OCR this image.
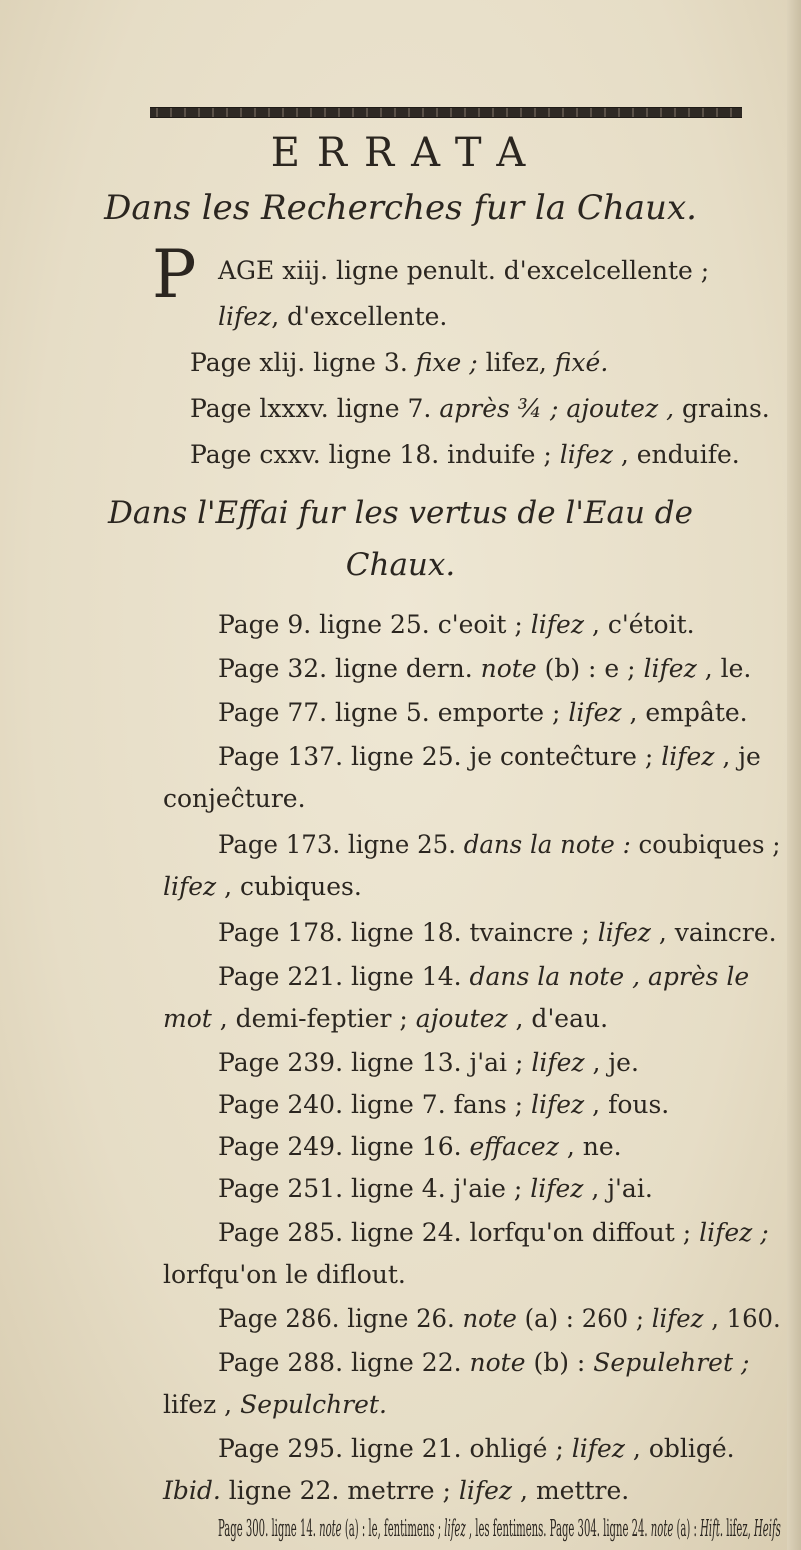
ERRATA
Dans les Recherches fur la Chaux.
P AGE xiij. ligne penult. d'excelcellente ;
lifez, d'excellente.
Page xlij. ligne 3. fixe ; lifez, fixé.
Page lxxxv. ligne 7. après ¾ ; ajoutez , grains.
Page cxxv. ligne 18. induife ; lifez , enduife.
Dans l'Effai fur les vertus de l'Eau de
Chaux.
Page 9. ligne 25. c'eoit ; lifez , c'étoit.
Page 32. ligne dern. note (b) : e ; lifez , le.
Page 77. ligne 5. emporte ; lifez , empâte.
Page 137. ligne 25. je conteĉture ; lifez , je
conjeĉture.
Page 173. ligne 25. dans la note : coubiques ;
lifez , cubiques.
Page 178. ligne 18. tvaincre ; lifez , vaincre.
Page 221. ligne 14. dans la note , après le
mot , demi-feptier ; ajoutez , d'eau.
Page 239. ligne 13. j'ai ; lifez , je.
Page 240. ligne 7. fans ; lifez , fous.
Page 249. ligne 16. effacez , ne.
Page 251. ligne 4. j'aie ; lifez , j'ai.
Page 285. ligne 24. lorfqu'on diffout ; lifez ;
lorfqu'on le diflout.
Page 286. ligne 26. note (a) : 260 ; lifez , 160.
Page 288. ligne 22. note (b) : Sepulehret ;
lifez , Sepulchret.
Page 295. ligne 21. ohligé ; lifez , obligé.
Ibid. ligne 22. metrre ; lifez , mettre.
Page 300. ligne 14. note (a) : le, fentimens ; lifez , les fentimens. Page 304. ligne 24. note (a) : Hift. lifez, Heifs
